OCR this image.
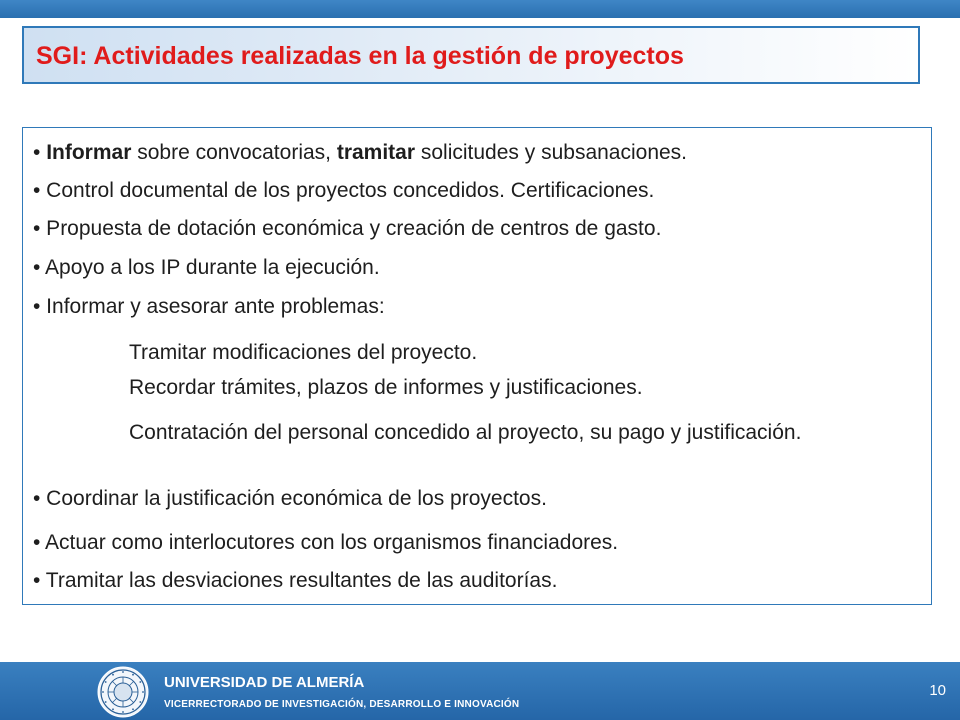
SGI: Actividades realizadas en la gestión de proyectos
• Informar sobre convocatorias, tramitar solicitudes y subsanaciones.
• Control documental de los proyectos concedidos. Certificaciones.
• Propuesta de dotación económica y creación de centros de gasto.
• Apoyo a los IP durante la ejecución.
• Informar y asesorar ante problemas:
Tramitar modificaciones del proyecto.
Recordar trámites, plazos de informes y justificaciones.
Contratación del personal concedido al proyecto, su pago y justificación.
• Coordinar la justificación económica de los proyectos.
• Actuar como interlocutores con los organismos financiadores.
• Tramitar las desviaciones resultantes de las auditorías.
UNIVERSIDAD DE ALMERÍA
VICERRECTORADO DE INVESTIGACIÓN, DESARROLLO E INNOVACIÓN
10
